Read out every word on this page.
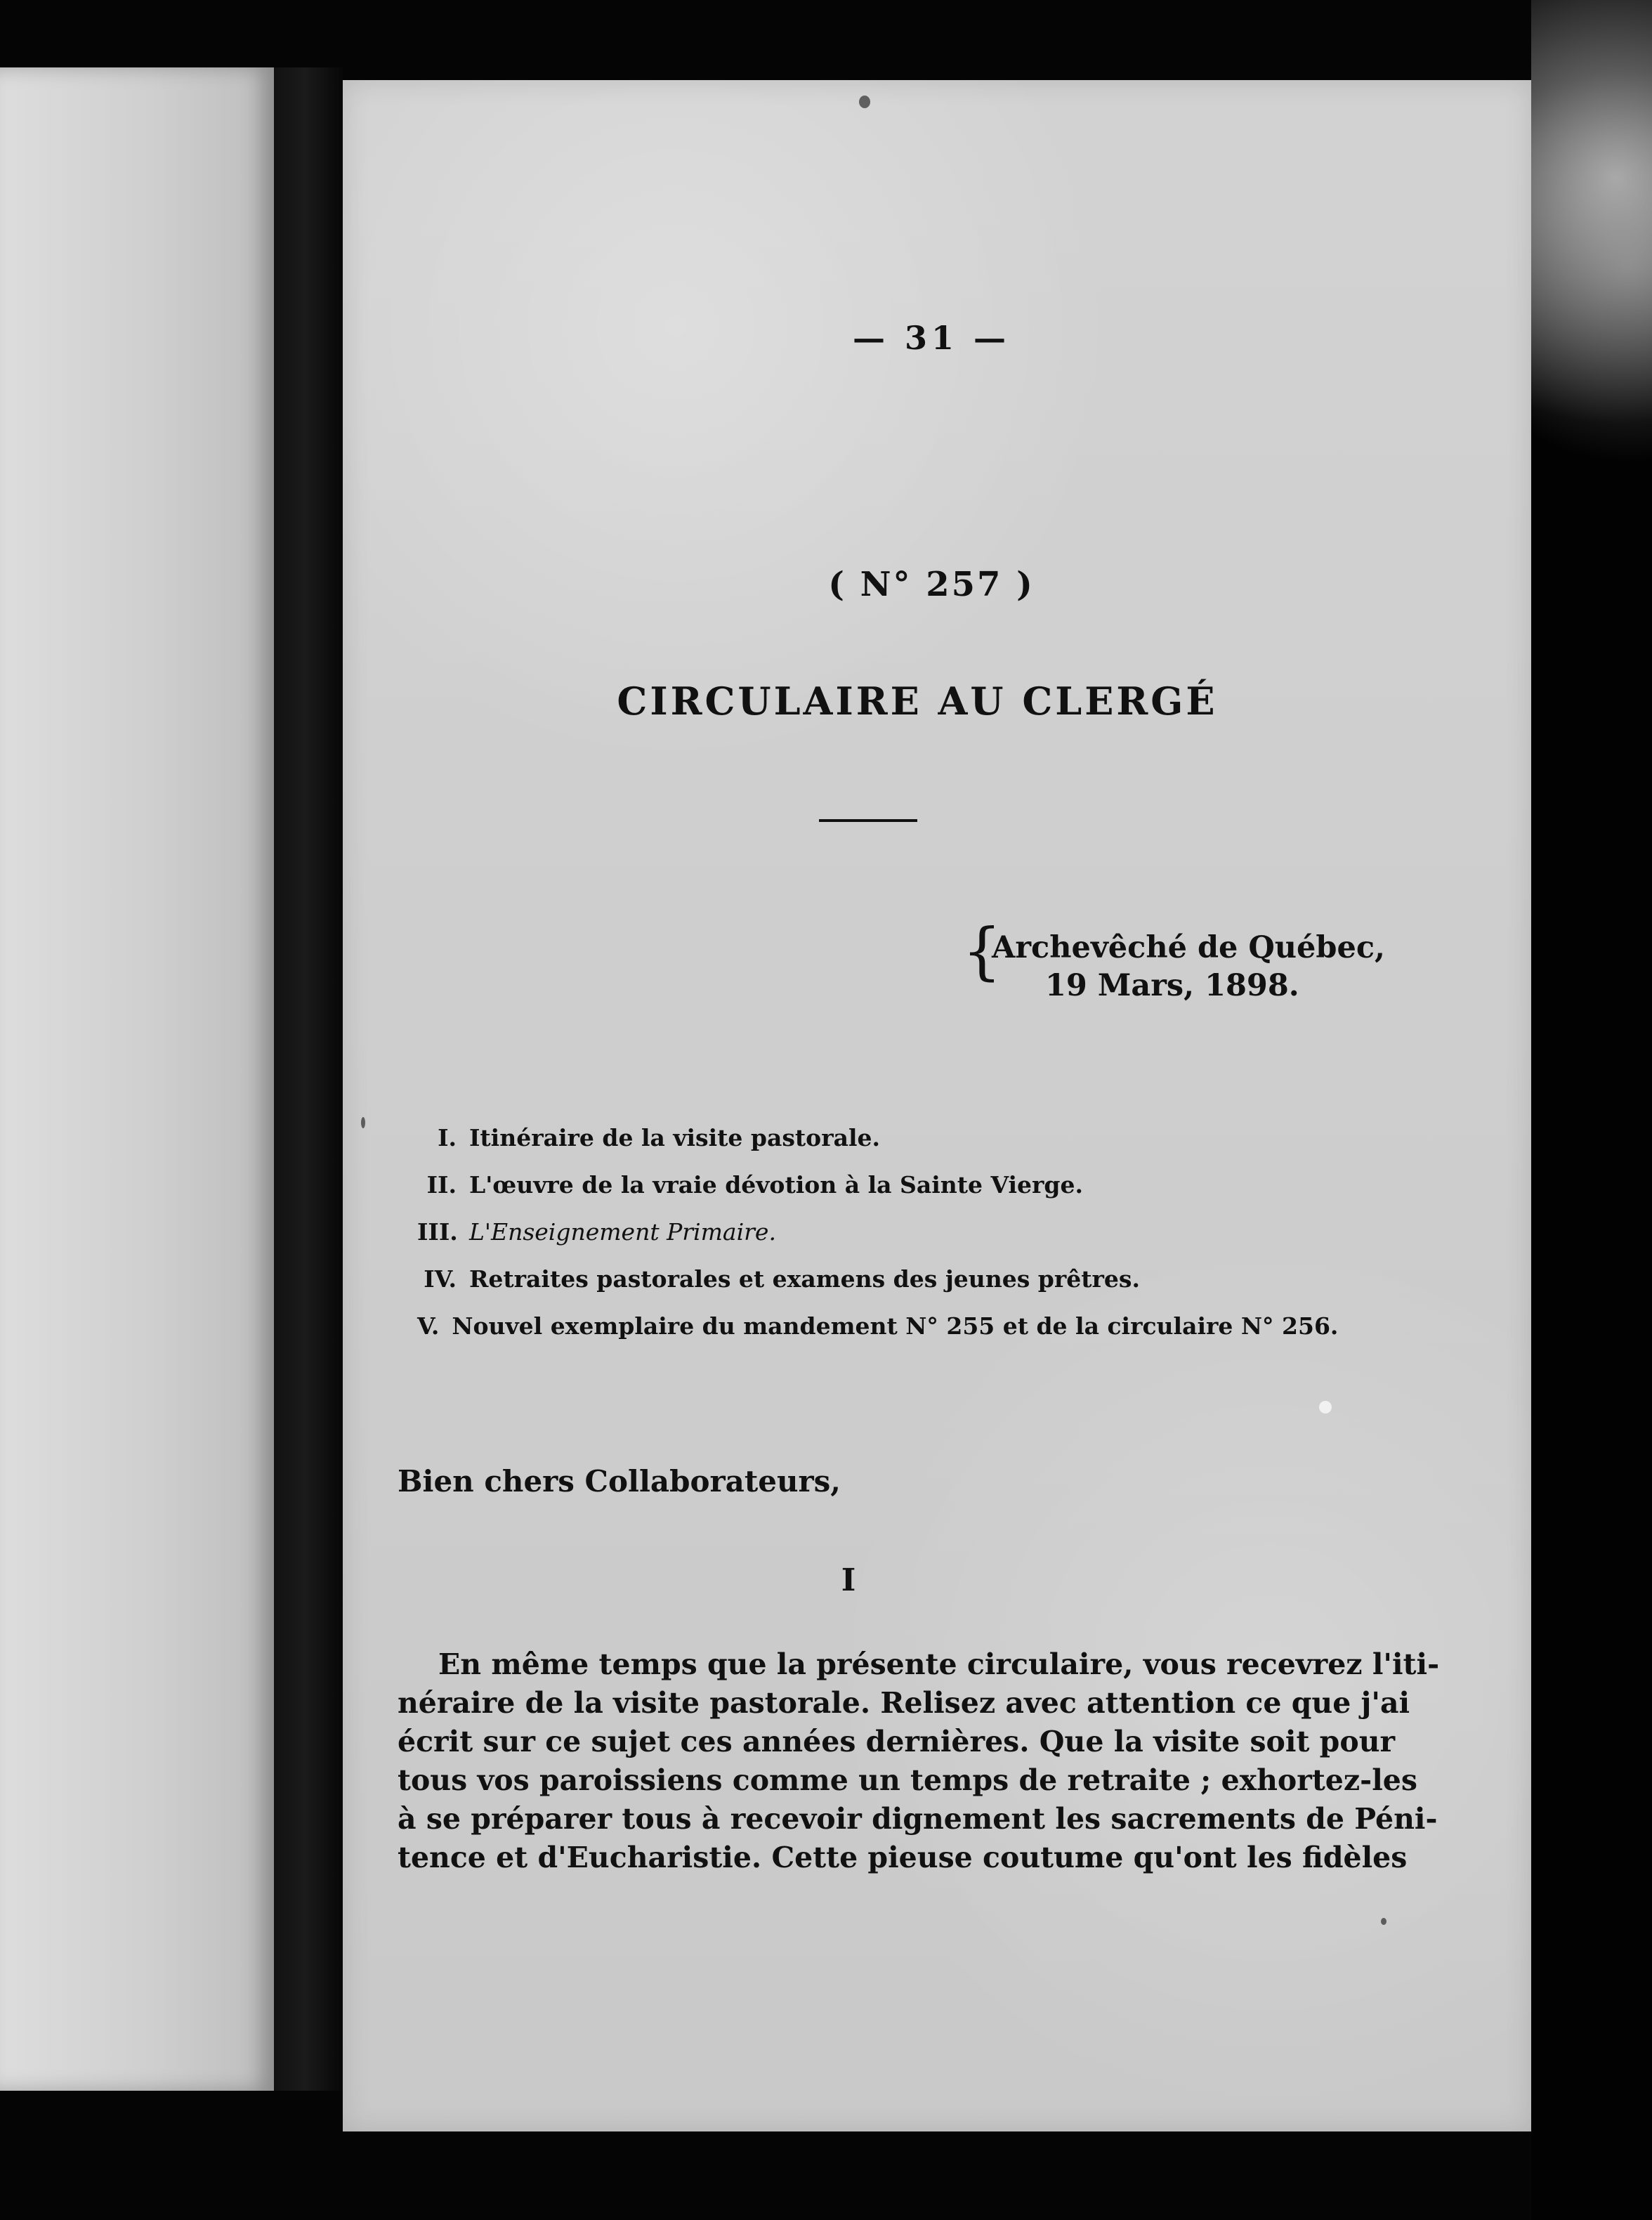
— 31 —
( N° 257 )
CIRCULAIRE AU CLERGÉ
{
Archevêché de Québec,
19 Mars, 1898.
I. Itinéraire de la visite pastorale.
II. L'œuvre de la vraie dévotion à la Sainte Vierge.
III. L'Enseignement Primaire.
IV. Retraites pastorales et examens des jeunes prêtres.
V. Nouvel exemplaire du mandement N° 255 et de la circulaire N° 256.
Bien chers Collaborateurs,
I
En même temps que la présente circulaire, vous recevrez l'iti-
néraire de la visite pastorale. Relisez avec attention ce que j'ai
écrit sur ce sujet ces années dernières. Que la visite soit pour
tous vos paroissiens comme un temps de retraite ; exhortez-les
à se préparer tous à recevoir dignement les sacrements de Péni-
tence et d'Eucharistie. Cette pieuse coutume qu'ont les fidèles
